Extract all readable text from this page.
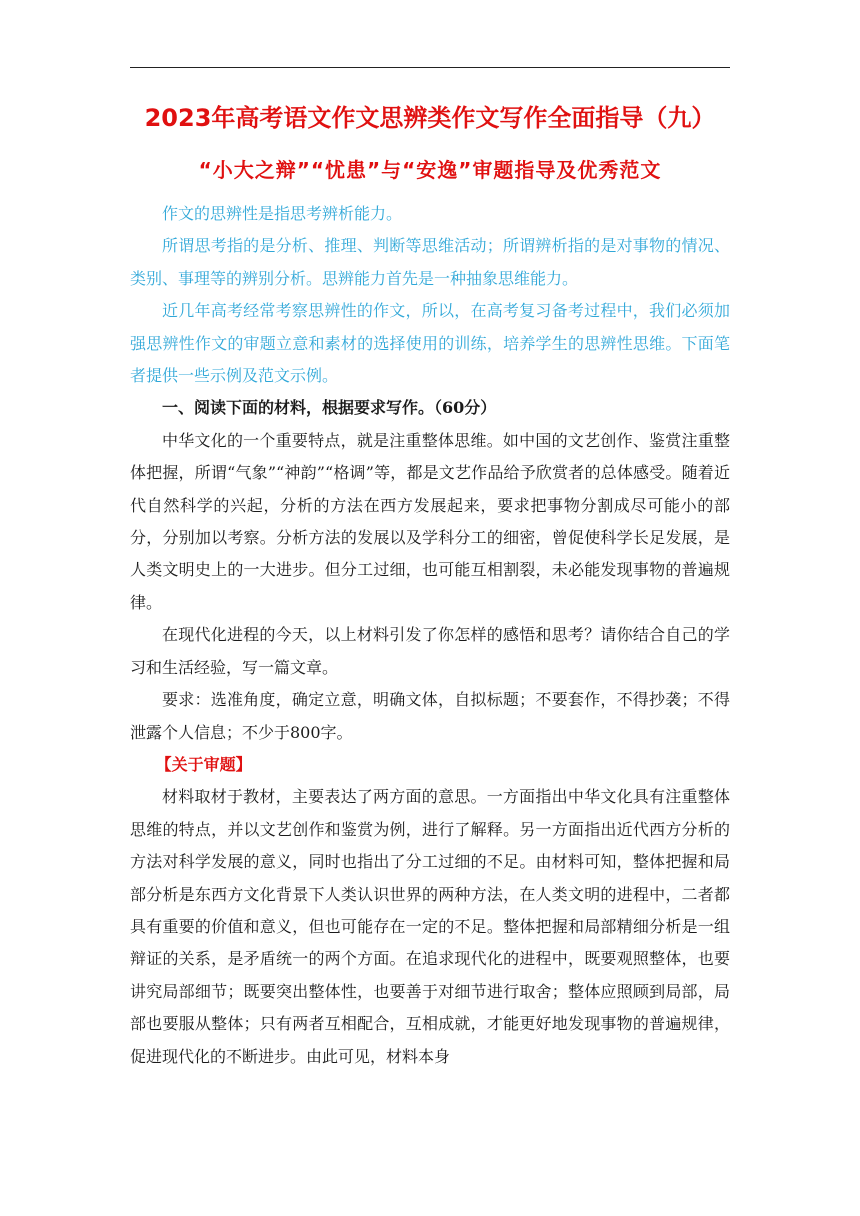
2023年高考语文作文思辨类作文写作全面指导（九）
“小大之辩”“忧患”与“安逸”审题指导及优秀范文

作文的思辨性是指思考辨析能力。

所谓思考指的是分析、推理、判断等思维活动；所谓辨析指的是对事物的情况、类别、事理等的辨别分析。思辨能力首先是一种抽象思维能力。

近几年高考经常考察思辨性的作文，所以，在高考复习备考过程中，我们必须加强思辨性作文的审题立意和素材的选择使用的训练，培养学生的思辨性思维。下面笔者提供一些示例及范文示例。

一、阅读下面的材料，根据要求写作。（60分）

中华文化的一个重要特点，就是注重整体思维。如中国的文艺创作、鉴赏注重整体把握，所谓“气象”“神韵”“格调”等，都是文艺作品给予欣赏者的总体感受。随着近代自然科学的兴起，分析的方法在西方发展起来，要求把事物分割成尽可能小的部分，分别加以考察。分析方法的发展以及学科分工的细密，曾促使科学长足发展，是人类文明史上的一大进步。但分工过细，也可能互相割裂，未必能发现事物的普遍规律。

在现代化进程的今天，以上材料引发了你怎样的感悟和思考？请你结合自己的学习和生活经验，写一篇文章。

要求：选准角度，确定立意，明确文体，自拟标题；不要套作，不得抄袭；不得泄露个人信息；不少于800字。

【关于审题】

材料取材于教材，主要表达了两方面的意思。一方面指出中华文化具有注重整体思维的特点，并以文艺创作和鉴赏为例，进行了解释。另一方面指出近代西方分析的方法对科学发展的意义，同时也指出了分工过细的不足。由材料可知，整体把握和局部分析是东西方文化背景下人类认识世界的两种方法，在人类文明的进程中，二者都具有重要的价值和意义，但也可能存在一定的不足。整体把握和局部精细分析是一组辩证的关系，是矛盾统一的两个方面。在追求现代化的进程中，既要观照整体，也要讲究局部细节；既要突出整体性，也要善于对细节进行取舍；整体应照顾到局部，局部也要服从整体；只有两者互相配合，互相成就，才能更好地发现事物的普遍规律，促进现代化的不断进步。由此可见，材料本身
